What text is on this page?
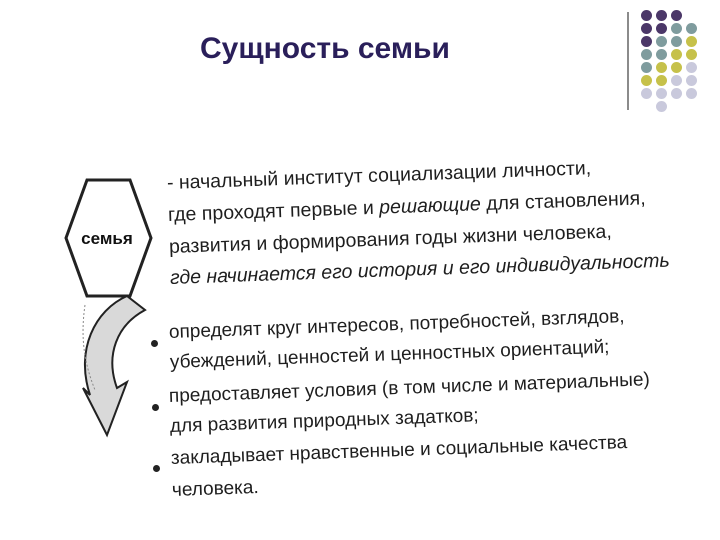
Сущность семьи
семья
- начальный институт социализации личности,
где проходят первые и решающие для становления,
развития и формирования годы жизни человека,
где начинается его история и его индивидуальность
определят круг интересов, потребностей, взглядов,
убеждений, ценностей и ценностных ориентаций;
предоставляет условия (в том числе и материальные)
для развития природных задатков;
закладывает нравственные и социальные качества
человека.
